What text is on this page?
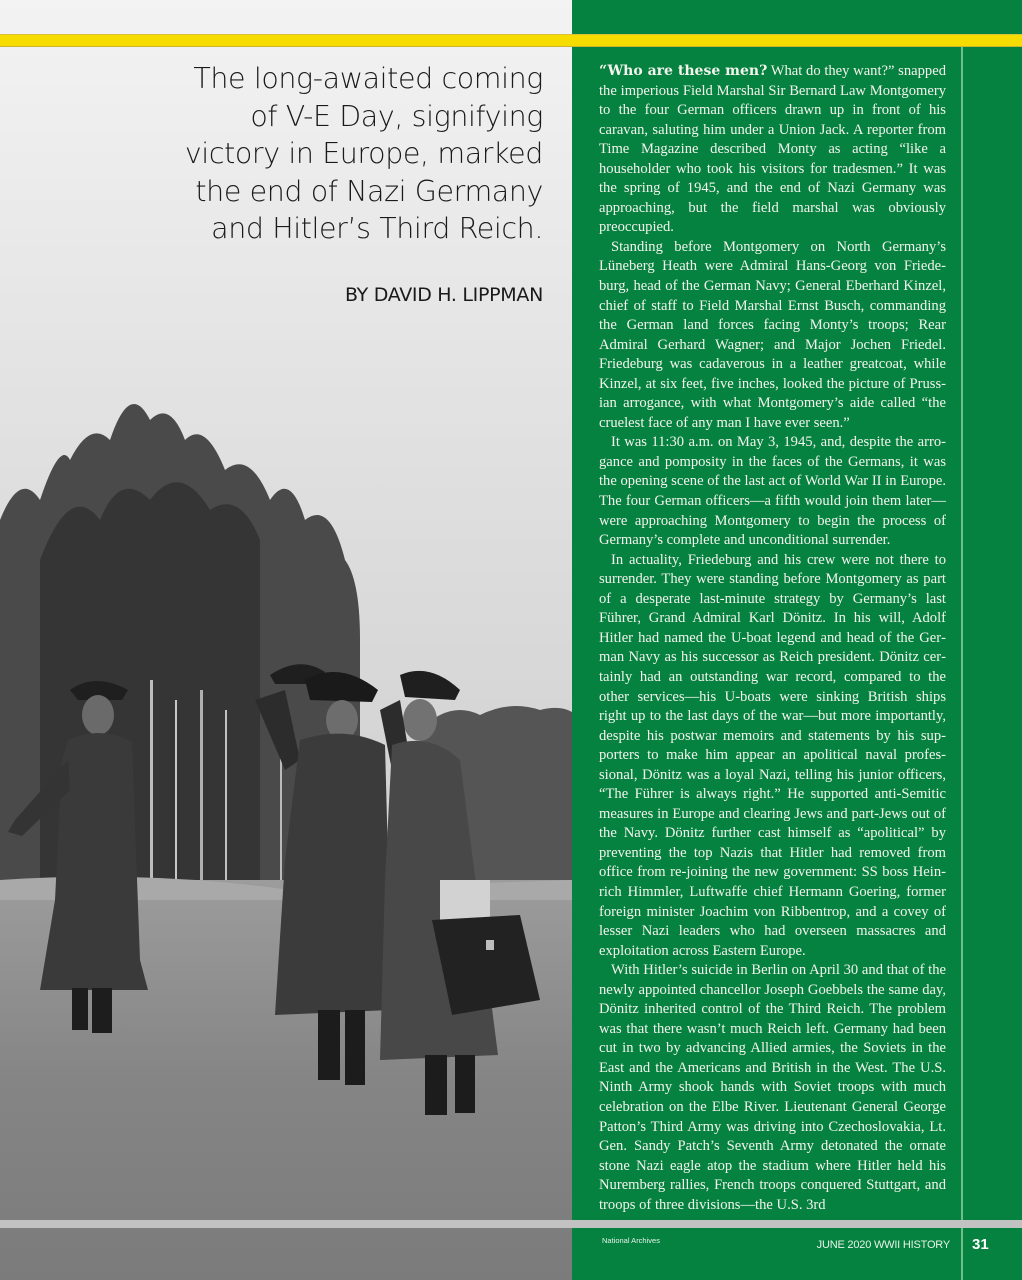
The long-awaited coming
of V-E Day, signifying
victory in Europe, marked
the end of Nazi Germany
and Hitler’s Third Reich.
BY DAVID H. LIPPMAN

“Who are these men? What do they want?” snapped the imperious Field Marshal Sir Bernard Law Montgomery to the four German officers drawn up in front of his caravan, saluting him under a Union Jack. A reporter from Time Magazine described Monty as acting “like a householder who took his visitors for tradesmen.” It was the spring of 1945, and the end of Nazi Germany was approaching, but the field marshal was obviously preoccupied.

Standing before Montgomery on North Germany’s Lüneberg Heath were Admiral Hans-Georg von Friedeburg, head of the German Navy; General Eberhard Kinzel, chief of staff to Field Marshal Ernst Busch, commanding the German land forces facing Monty’s troops; Rear Admiral Gerhard Wagner; and Major Jochen Friedel. Friedeburg was cadaverous in a leather greatcoat, while Kinzel, at six feet, five inches, looked the picture of Prussian arrogance, with what Montgomery’s aide called “the cruelest face of any man I have ever seen.”

It was 11:30 a.m. on May 3, 1945, and, despite the arrogance and pomposity in the faces of the Germans, it was the opening scene of the last act of World War II in Europe. The four German officers—a fifth would join them later—were approaching Montgomery to begin the process of Germany’s complete and unconditional surrender.

In actuality, Friedeburg and his crew were not there to surrender. They were standing before Montgomery as part of a desperate last-minute strategy by Germany’s last Führer, Grand Admiral Karl Dönitz. In his will, Adolf Hitler had named the U-boat legend and head of the German Navy as his successor as Reich president. Dönitz certainly had an outstanding war record, compared to the other services—his U-boats were sinking British ships right up to the last days of the war—but more importantly, despite his postwar memoirs and statements by his supporters to make him appear an apolitical naval professional, Dönitz was a loyal Nazi, telling his junior officers, “The Führer is always right.” He supported anti-Semitic measures in Europe and clearing Jews and part-Jews out of the Navy. Dönitz further cast himself as “apolitical” by preventing the top Nazis that Hitler had removed from office from re-joining the new government: SS boss Heinrich Himmler, Luftwaffe chief Hermann Goering, former foreign minister Joachim von Ribbentrop, and a covey of lesser Nazi leaders who had overseen massacres and exploitation across Eastern Europe.

With Hitler’s suicide in Berlin on April 30 and that of the newly appointed chancellor Joseph Goebbels the same day, Dönitz inherited control of the Third Reich. The problem was that there wasn’t much Reich left. Germany had been cut in two by advancing Allied armies, the Soviets in the East and the Americans and British in the West. The U.S. Ninth Army shook hands with Soviet troops with much celebration on the Elbe River. Lieutenant General George Patton’s Third Army was driving into Czechoslovakia, Lt. Gen. Sandy Patch’s Seventh Army detonated the ornate stone Nazi eagle atop the stadium where Hitler held his Nuremberg rallies, French troops conquered Stuttgart, and troops of three divisions—the U.S. 3rd

National Archives	JUNE 2020 WWII HISTORY 31
